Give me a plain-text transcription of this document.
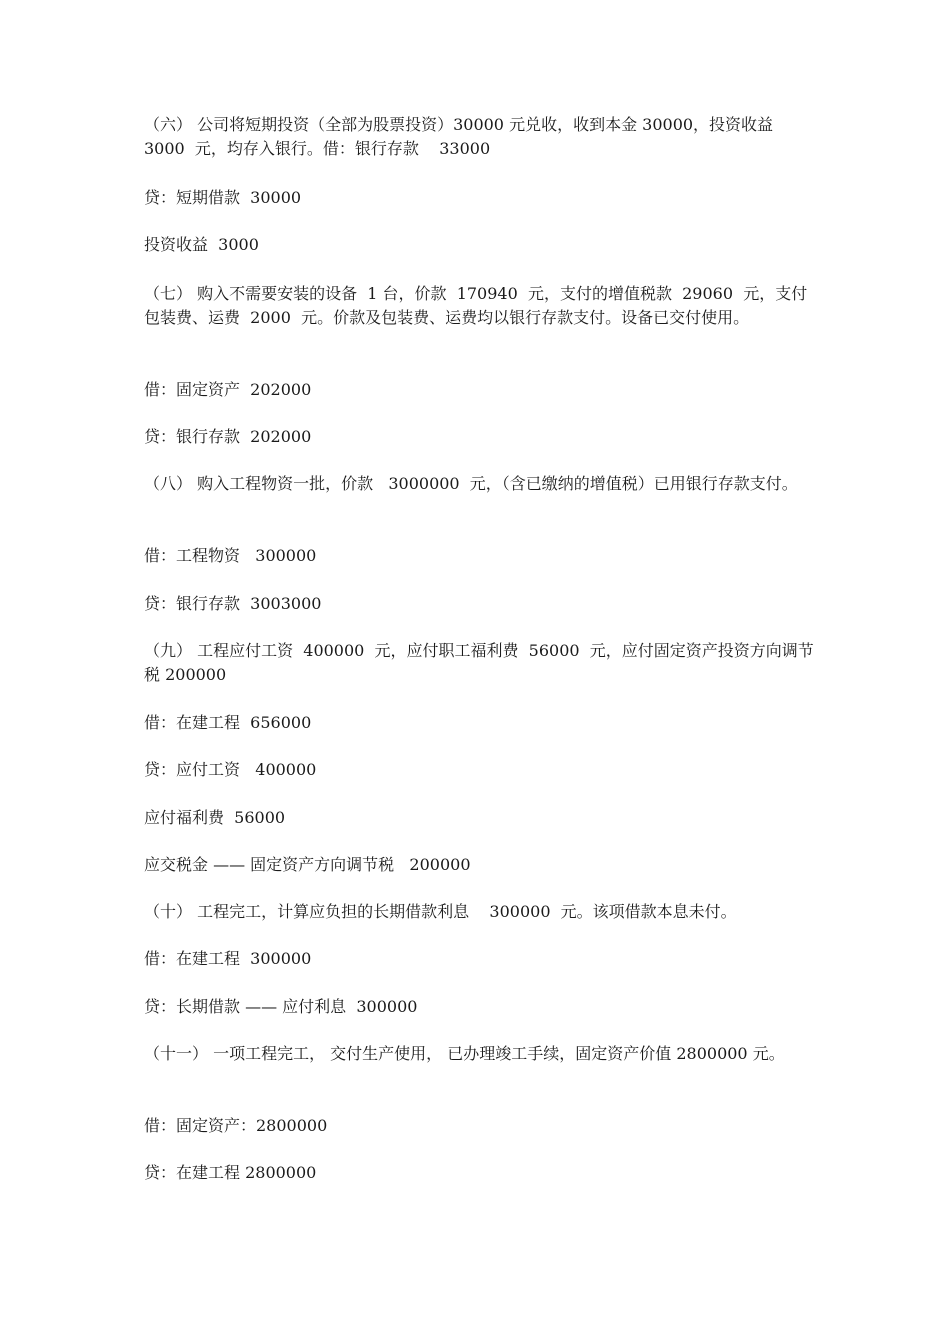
（六） 公司将短期投资（全部为股票投资）30000 元兑收，收到本金 30000，投资收益 3000  元，均存入银行。借：银行存款    33000
贷：短期借款  30000
投资收益  3000
（七） 购入不需要安装的设备  1 台，价款  170940  元，支付的增值税款  29060  元，支付包装费、运费  2000  元。价款及包装费、运费均以银行存款支付。设备已交付使用。
借：固定资产  202000
贷：银行存款  202000
（八） 购入工程物资一批，价款   3000000  元，（含已缴纳的增值税）已用银行存款支付。
借：工程物资   300000
贷：银行存款  3003000
（九） 工程应付工资  400000  元，应付职工福利费  56000  元，应付固定资产投资方向调节税 200000
借：在建工程  656000
贷：应付工资   400000
应付福利费  56000
应交税金 —— 固定资产方向调节税   200000
（十） 工程完工，计算应负担的长期借款利息    300000  元。该项借款本息未付。
借：在建工程  300000
贷：长期借款 —— 应付利息  300000
（十一） 一项工程完工， 交付生产使用， 已办理竣工手续，固定资产价值 2800000 元。
借：固定资产：2800000
贷：在建工程 2800000
